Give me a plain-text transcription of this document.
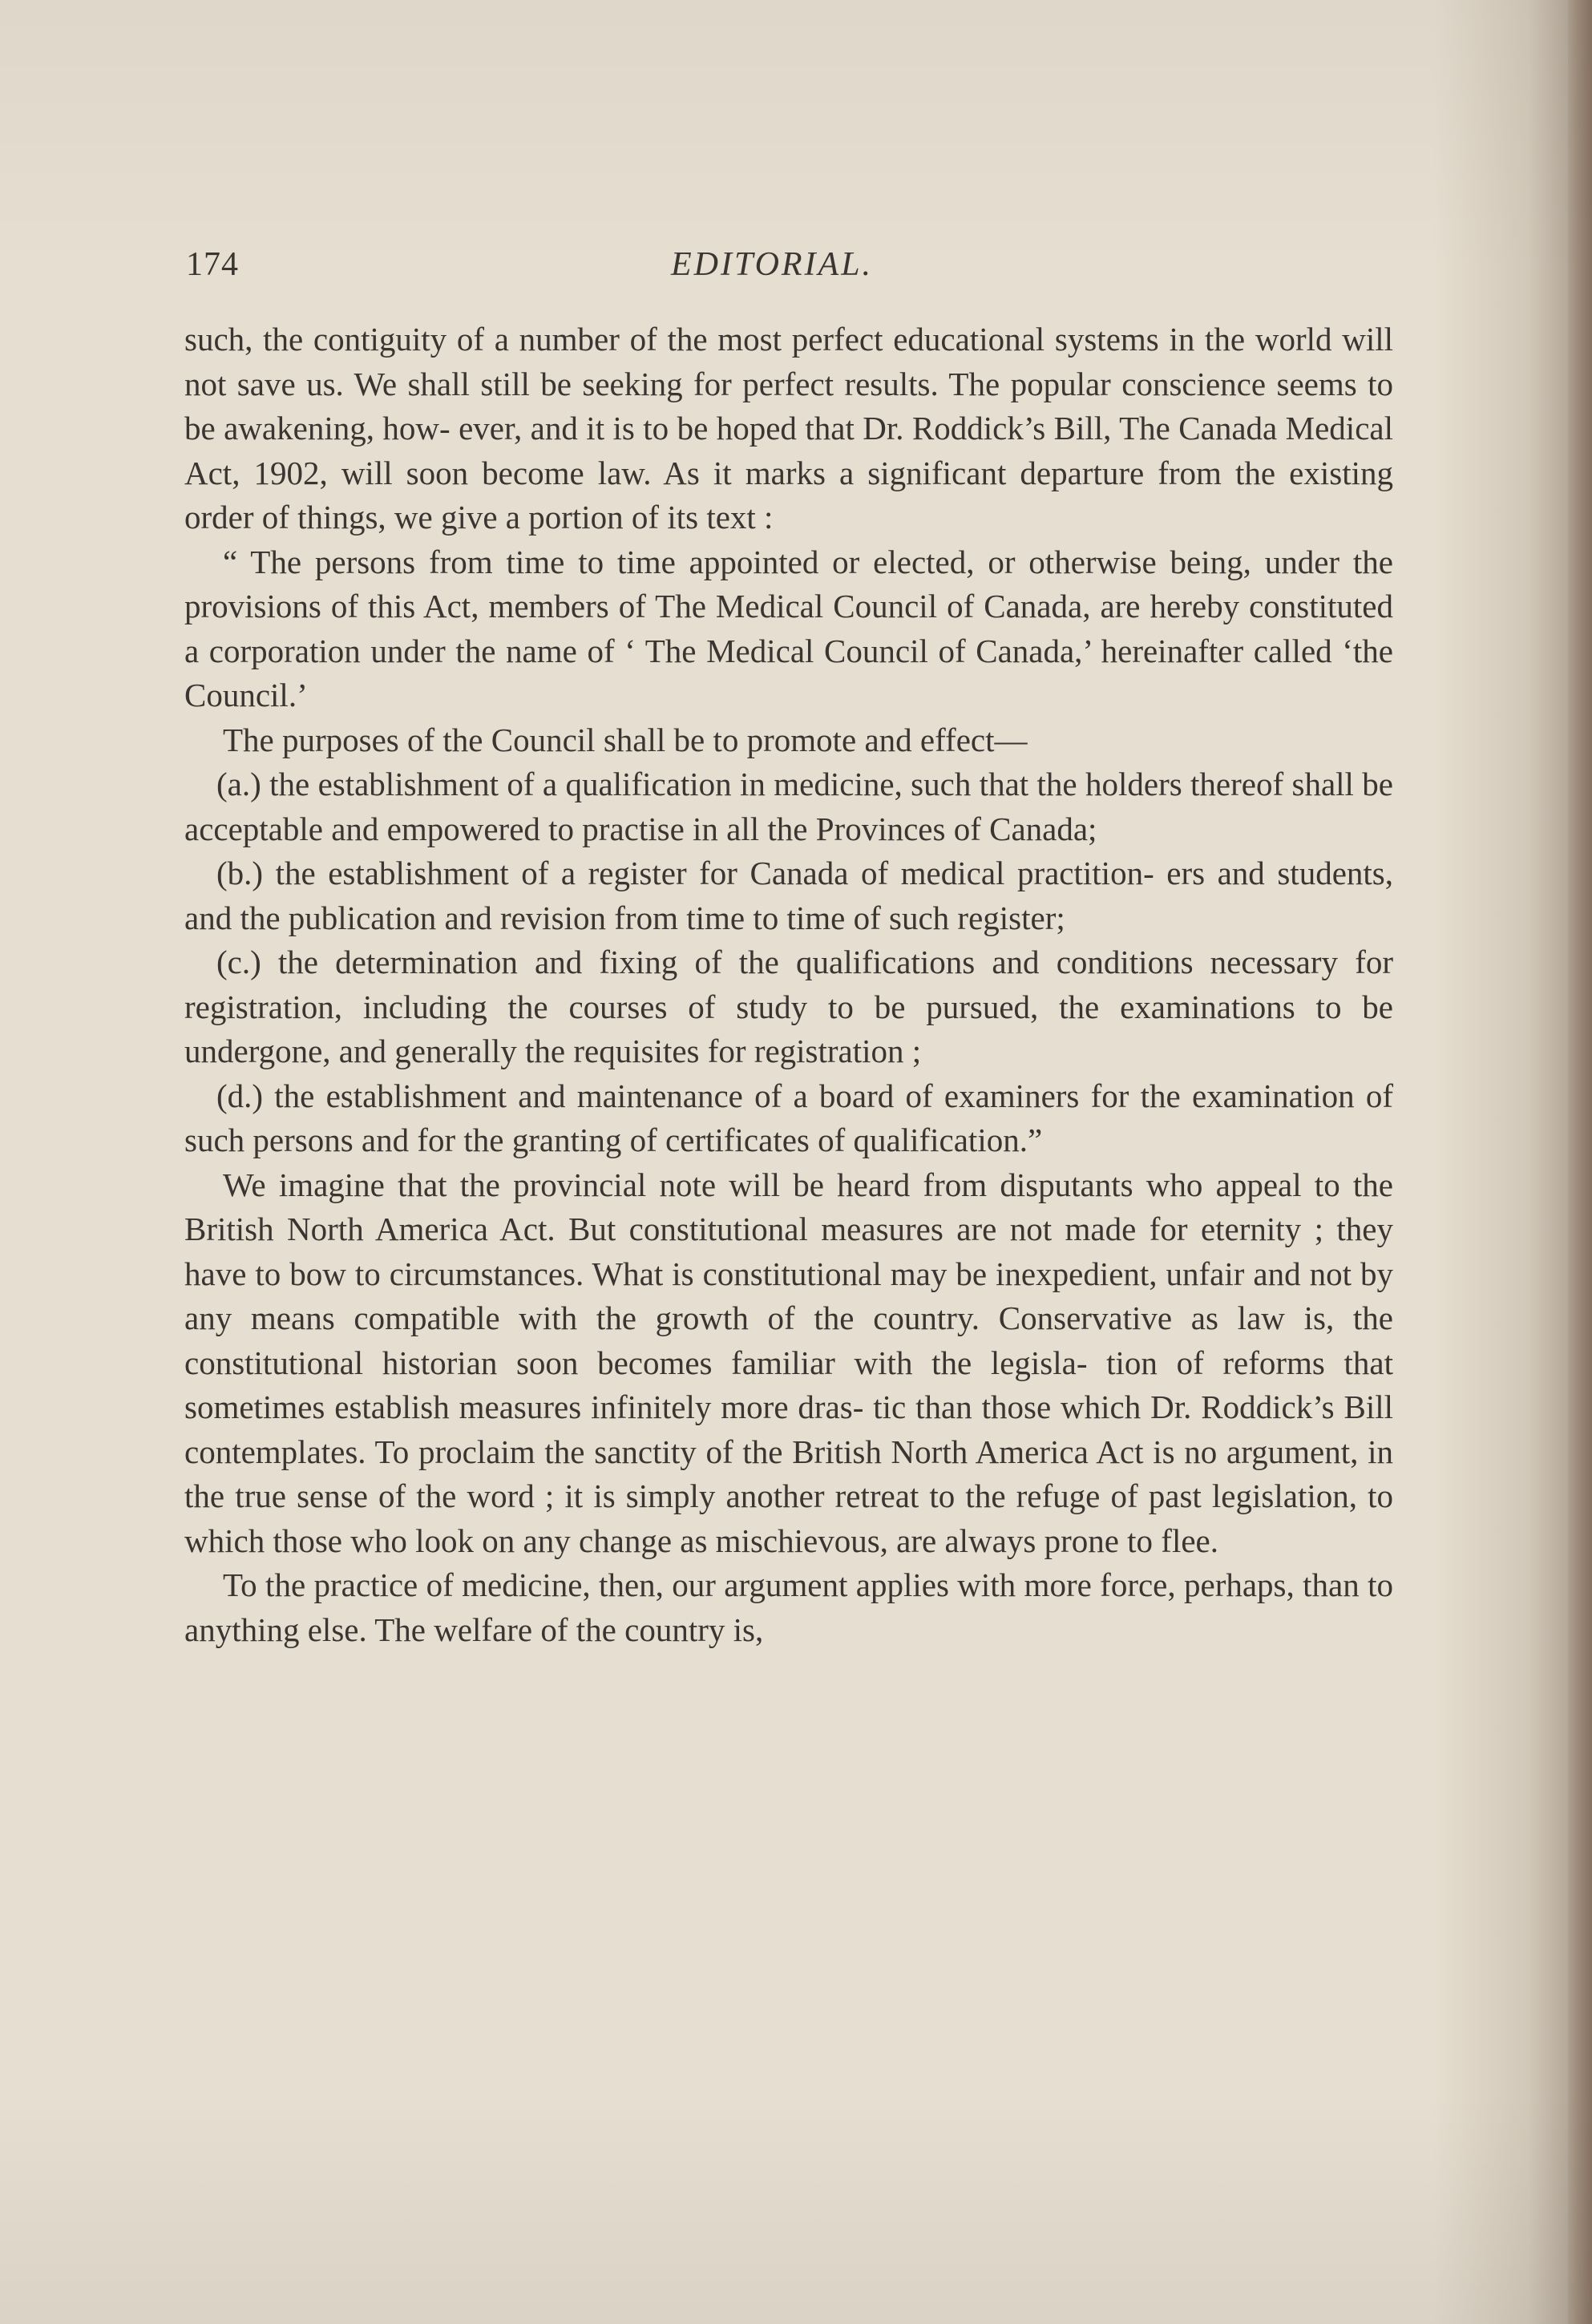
174	EDITORIAL.

such, the contiguity of a number of the most perfect educational systems in the world will not save us. We shall still be seeking for perfect results. The popular conscience seems to be awakening, how- ever, and it is to be hoped that Dr. Roddick’s Bill, The Canada Medical Act, 1902, will soon become law. As it marks a significant departure from the existing order of things, we give a portion of its text :

“ The persons from time to time appointed or elected, or otherwise being, under the provisions of this Act, members of The Medical Council of Canada, are hereby constituted a corporation under the name of ‘ The Medical Council of Canada,’ hereinafter called ‘the Council.’

The purposes of the Council shall be to promote and effect—

(a.) the establishment of a qualification in medicine, such that the holders thereof shall be acceptable and empowered to practise in all the Provinces of Canada;

(b.) the establishment of a register for Canada of medical practition- ers and students, and the publication and revision from time to time of such register;

(c.) the determination and fixing of the qualifications and conditions necessary for registration, including the courses of study to be pursued, the examinations to be undergone, and generally the requisites for registration ;

(d.) the establishment and maintenance of a board of examiners for the examination of such persons and for the granting of certificates of qualification.”

We imagine that the provincial note will be heard from disputants who appeal to the British North America Act. But constitutional measures are not made for eternity ; they have to bow to circumstances. What is constitutional may be inexpedient, unfair and not by any means compatible with the growth of the country. Conservative as law is, the constitutional historian soon becomes familiar with the legisla- tion of reforms that sometimes establish measures infinitely more dras- tic than those which Dr. Roddick’s Bill contemplates. To proclaim the sanctity of the British North America Act is no argument, in the true sense of the word ; it is simply another retreat to the refuge of past legislation, to which those who look on any change as mischievous, are always prone to flee.

To the practice of medicine, then, our argument applies with more force, perhaps, than to anything else. The welfare of the country is,
